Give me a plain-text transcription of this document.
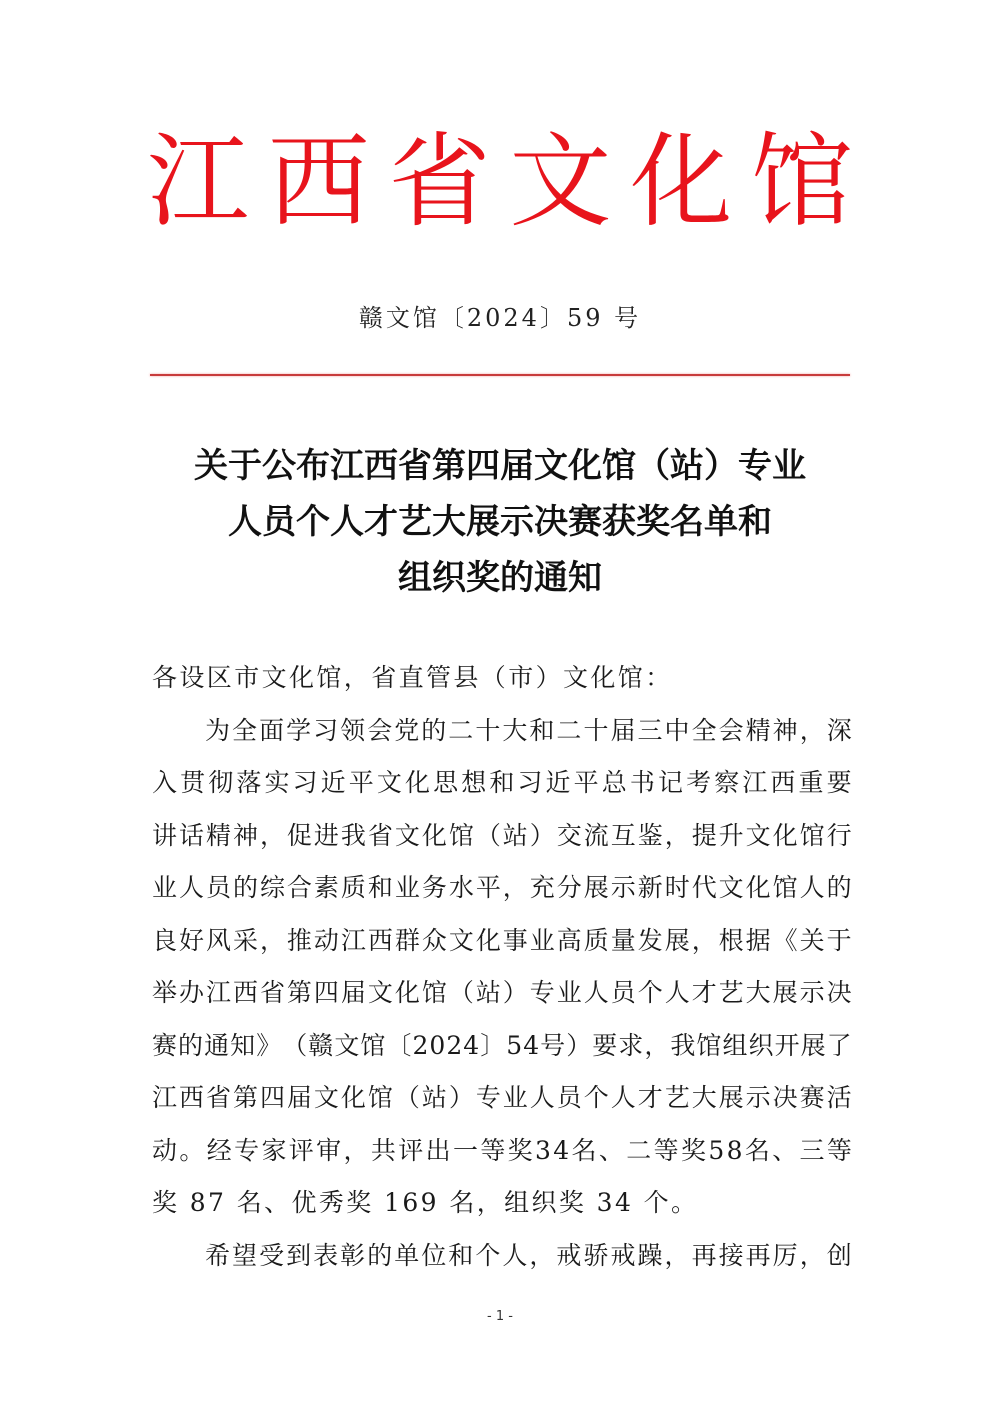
江 西 省 文 化 馆
赣文馆〔2024〕59 号
关于公布江西省第四届文化馆（站）专业
人员个人才艺大展示决赛获奖名单和
组织奖的通知
各设区市文化馆，省直管县（市）文化馆：
为 全 面 学 习 领 会 党 的 二 十 大 和 二 十 届 三 中 全 会 精 神 ， 深
入 贯 彻 落 实 习 近 平 文 化 思 想 和 习 近 平 总 书 记 考 察 江 西 重 要
讲 话 精 神 ， 促 进 我 省 文 化 馆 （ 站 ） 交 流 互 鉴 ， 提 升 文 化 馆 行
业 人 员 的 综 合 素 质 和 业 务 水 平 ， 充 分 展 示 新 时 代 文 化 馆 人 的
良 好 风 采 ， 推 动 江 西 群 众 文 化 事 业 高 质 量 发 展 ， 根 据 《 关 于
举 办 江 西 省 第 四 届 文 化 馆 （ 站 ） 专 业 人 员 个 人 才 艺 大 展 示 决
赛 的 通 知 》 （ 赣 文 馆 〔 2 0 2 4 〕 5 4 号 ） 要 求 ， 我 馆 组 织 开 展 了
江 西 省 第 四 届 文 化 馆 （ 站 ） 专 业 人 员 个 人 才 艺 大 展 示 决 赛 活
动 。 经 专 家 评 审 ， 共 评 出 一 等 奖 3 4 名 、 二 等 奖 5 8 名 、 三 等
奖 87 名、优秀奖 169 名，组织奖 34 个。
希 望 受 到 表 彰 的 单 位 和 个 人 ， 戒 骄 戒 躁 ， 再 接 再 厉 ， 创
- 1 -
